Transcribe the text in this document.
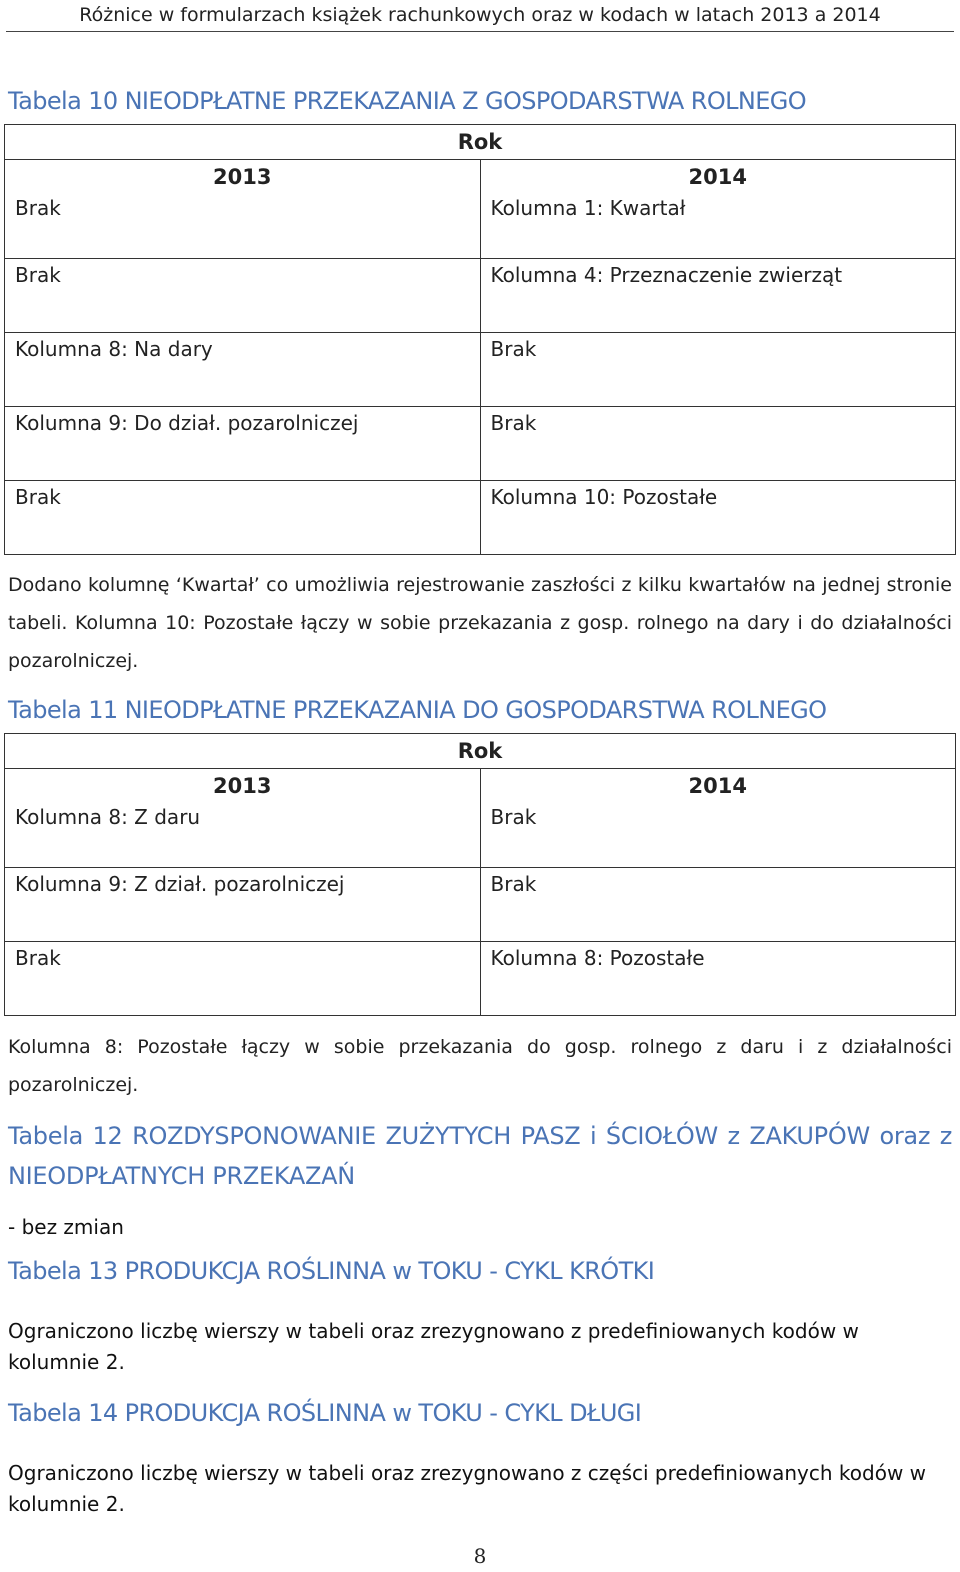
Różnice w formularzach książek rachunkowych oraz w kodach w latach 2013 a 2014
Tabela 10 NIEODPŁATNE PRZEKAZANIA Z GOSPODARSTWA ROLNEGO
Rok	
2013	2014
Brak	Kolumna 1: Kwartał
Brak	Kolumna 4: Przeznaczenie zwierząt
Kolumna 8: Na dary	Brak
Kolumna 9: Do dział. pozarolniczej	Brak
Brak	Kolumna 10: Pozostałe
Dodano kolumnę ‘Kwartał’ co umożliwia rejestrowanie zaszłości z kilku kwartałów na jednej stronie tabeli. Kolumna 10: Pozostałe łączy w sobie przekazania z gosp. rolnego na dary i do działalności pozarolniczej.
Tabela 11 NIEODPŁATNE PRZEKAZANIA DO GOSPODARSTWA ROLNEGO
Rok	
2013	2014
Kolumna 8: Z daru	Brak
Kolumna 9: Z dział. pozarolniczej	Brak
Brak	Kolumna 8: Pozostałe
Kolumna 8: Pozostałe łączy w sobie przekazania do gosp. rolnego z daru i z działalności pozarolniczej.
Tabela 12 ROZDYSPONOWANIE ZUŻYTYCH PASZ i ŚCIOŁÓW z ZAKUPÓW oraz z NIEODPŁATNYCH PRZEKAZAŃ
- bez zmian
Tabela 13 PRODUKCJA ROŚLINNA w TOKU - CYKL KRÓTKI
Ograniczono liczbę wierszy w tabeli oraz zrezygnowano z predefiniowanych kodów w kolumnie 2.
Tabela 14 PRODUKCJA ROŚLINNA w TOKU - CYKL DŁUGI
Ograniczono liczbę wierszy w tabeli oraz zrezygnowano z części predefiniowanych kodów w kolumnie 2.
8
